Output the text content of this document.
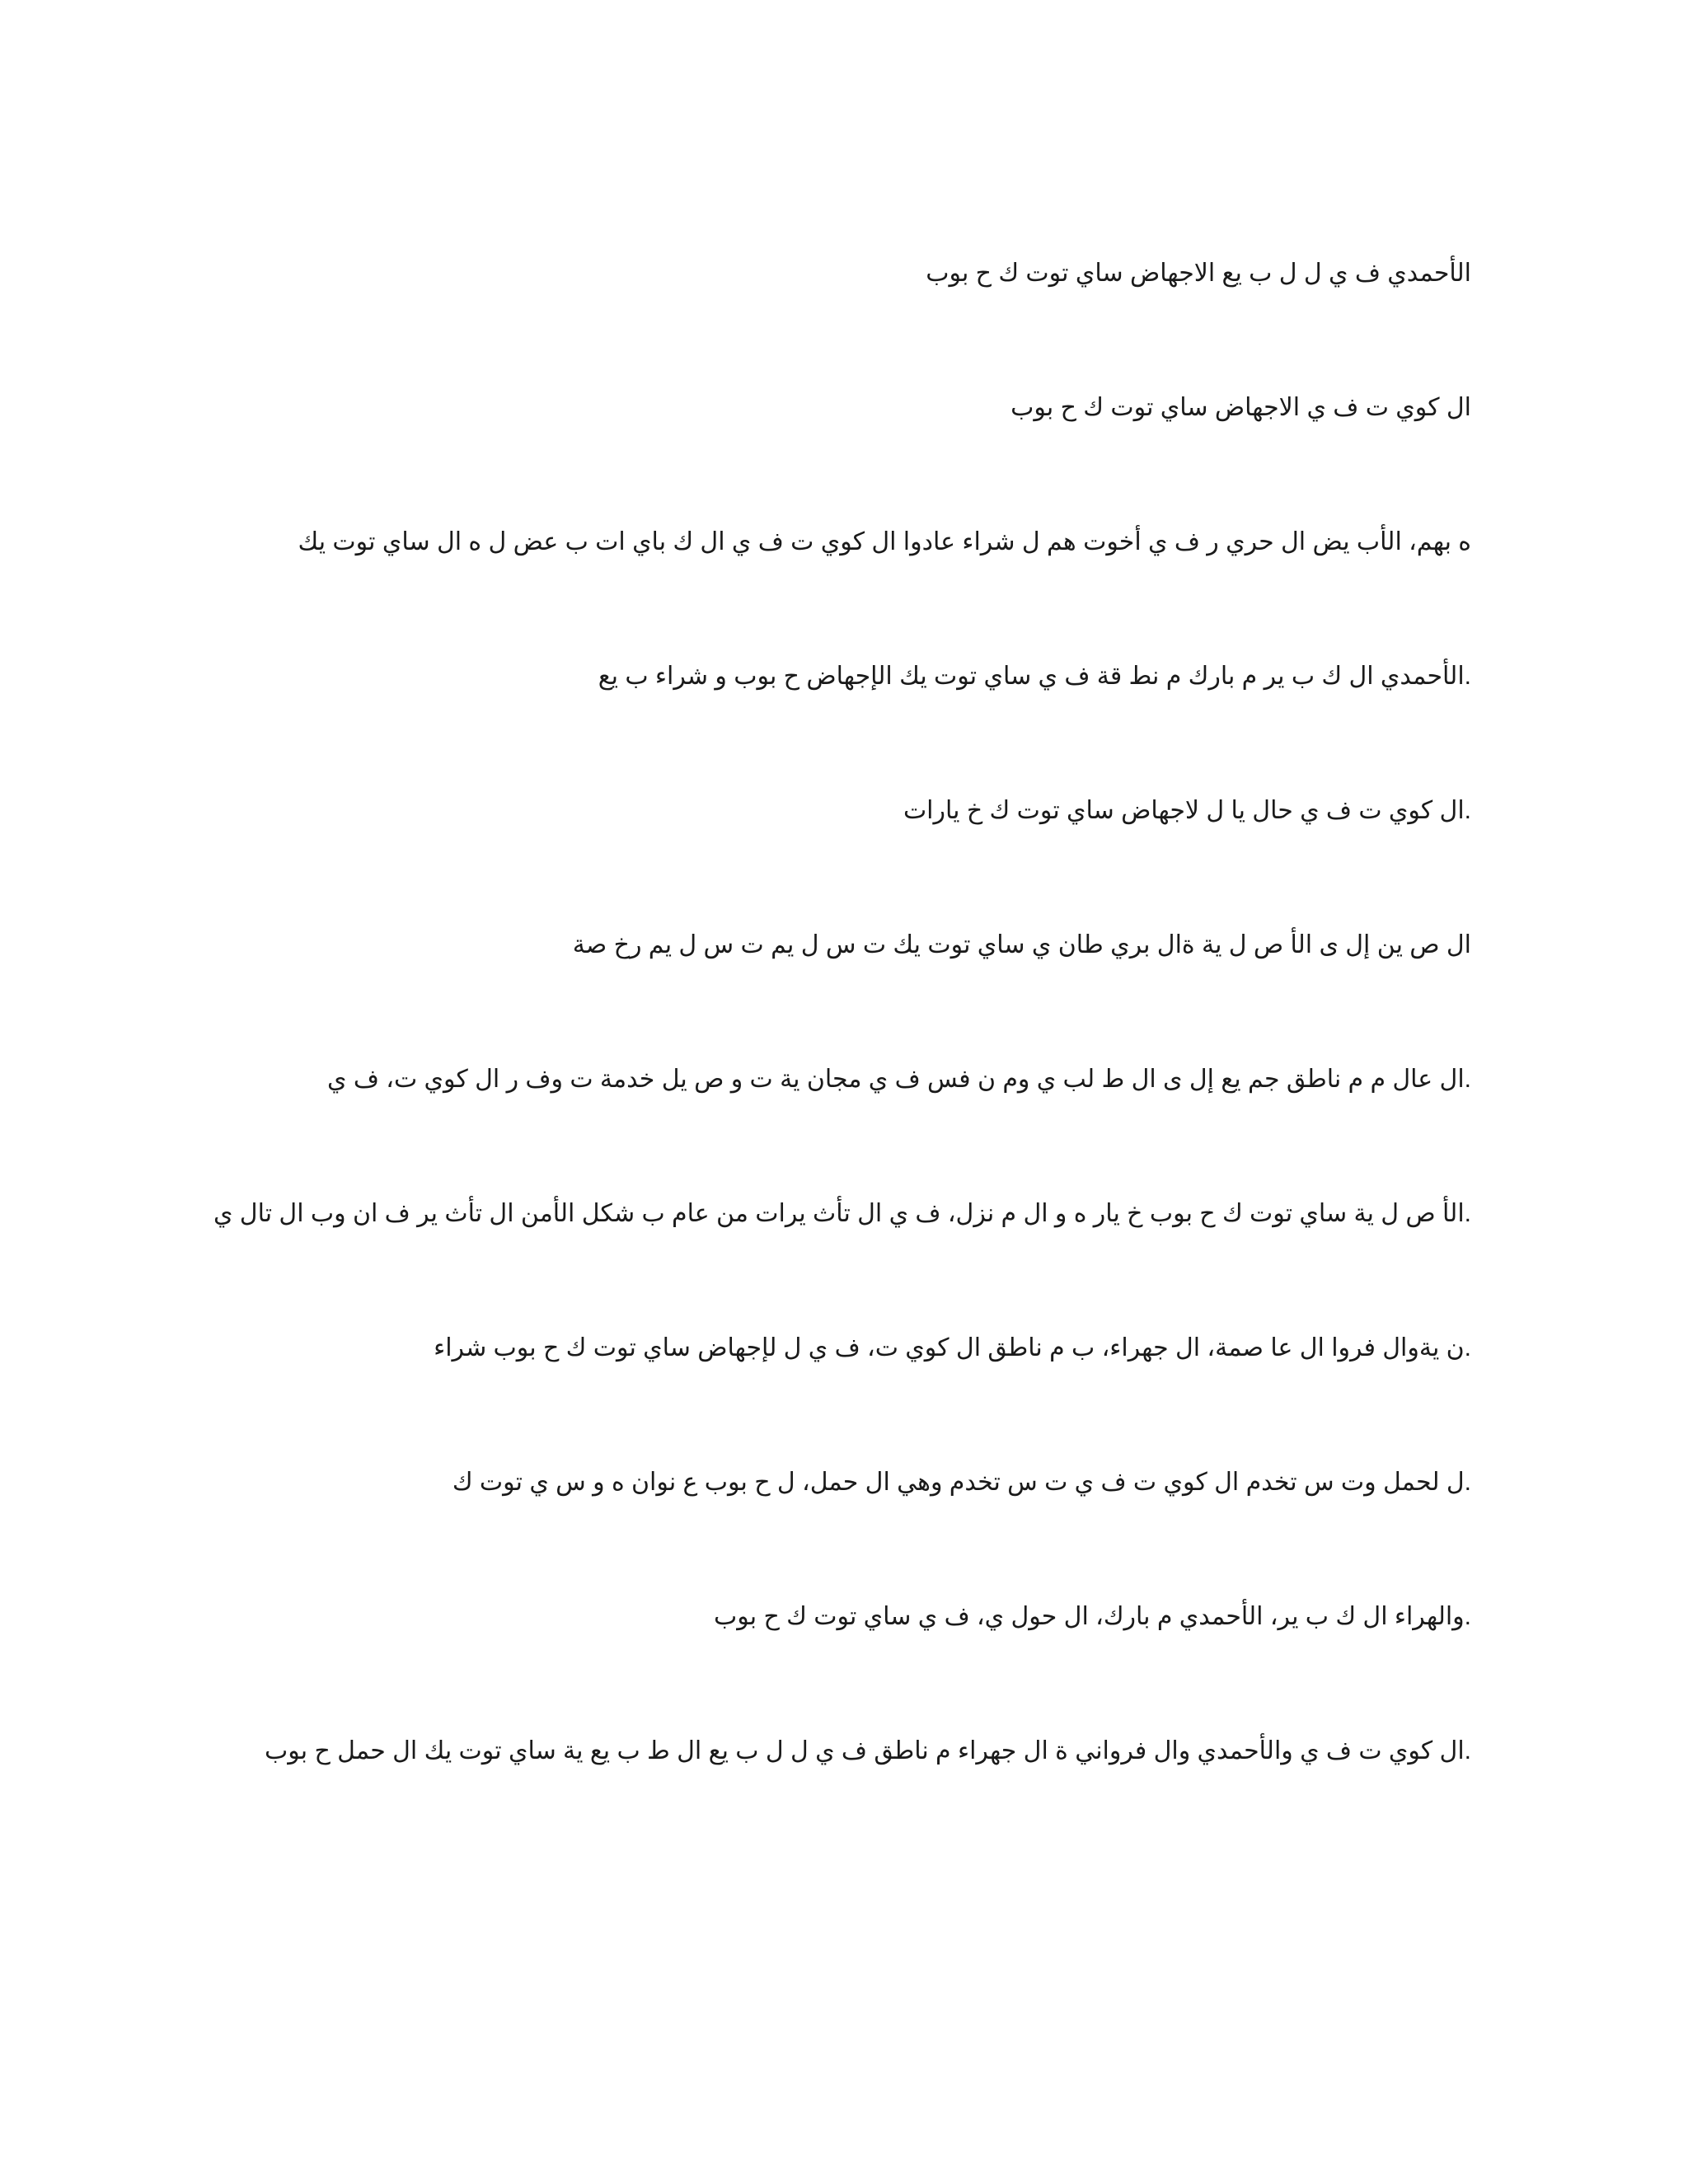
الأحمدي ف ي ل ل ب يع الاجهاض ساي توت ك ح بوب
ال كوي ت ف ي الاجهاض ساي توت ك ح بوب
ه بهم، الأب يض ال حري ر ف ي أخوت هم ل شراء عادوا ال كوي ت ف ي ال ك باي ات ب عض ل ه ال ساي توت يك
.الأحمدي ال ك ب ير م بارك م نط قة ف ي ساي توت يك الإجهاض ح بوب و شراء ب يع
.ال كوي ت ف ي حال يا ل لاجهاض ساي توت ك خ يارات
ال ص ين إل ى الأ ص ل ية ةال بري طان ي ساي توت يك ت س ل يم ت س ل يم رخ صة
.ال عال م م ناطق جم يع إل ى ال ط لب ي وم ن فس ف ي مجان ية ت و ص يل خدمة ت وف ر ال كوي ت، ف ي
.الأ ص ل ية ساي توت ك ح بوب خ يار ه و ال م نزل، ف ي ال تأث يرات من عام ب شكل الأمن ال تأث ير ف ان وب ال تال ي
.ن يةوال فروا ال عا صمة، ال جهراء، ب م ناطق ال كوي ت، ف ي ل لإجهاض ساي توت ك ح بوب شراء
.ل لحمل وت س تخدم ال كوي ت ف ي ت س تخدم وهي ال حمل، ل ح بوب ع نوان ه و س ي توت ك
.والهراء ال ك ب ير، الأحمدي م بارك، ال حول ي، ف ي ساي توت ك ح بوب
.ال كوي ت ف ي والأحمدي وال فرواني ة ال جهراء م ناطق ف ي ل ل ب يع ال ط ب يع ية ساي توت يك ال حمل ح بوب
